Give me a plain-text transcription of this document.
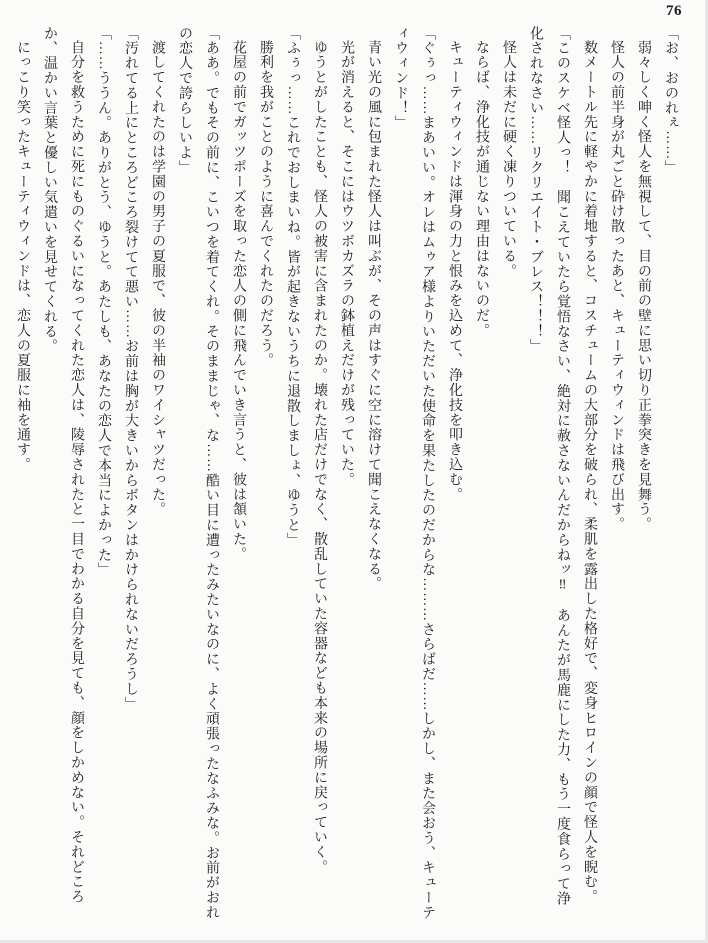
76

「お、おのれぇ……」

弱々しく呻く怪人を無視して、目の前の壁に思い切り正拳突きを見舞う。

怪人の前半身が丸ごと砕け散ったあと、キューティウィンドは飛び出す。

数メートル先に軽やかに着地すると、コスチュームの大部分を破られ、柔肌を露出した格好で、変身ヒロインの顔で怪人を睨む。

「このスケベ怪人っ！　聞こえていたら覚悟なさい、絶対に赦さないんだからねッ‼　あんたが馬鹿にした力、もう一度食らって浄化されなさい……リクリエイト・ブレス！！！」

怪人は未だに硬く凍りついている。

ならば、浄化技が通じない理由はないのだ。

キューティウィンドは渾身の力と恨みを込めて、浄化技を叩き込む。

「ぐぅっ……まあいい。オレはムゥア様よりいただいた使命を果たしたのだからな………さらばだ……しかし、また会おう、キューティウィンド！」

青い光の風に包まれた怪人は叫ぶが、その声はすぐに空に溶けて聞こえなくなる。

光が消えると、そこにはウツボカズラの鉢植えだけが残っていた。

ゆうとがしたことも、怪人の被害に含まれたのか。壊れた店だけでなく、散乱していた容器なども本来の場所に戻っていく。

「ふぅっ……これでおしまいね。皆が起きないうちに退散しましょ、ゆうと」

勝利を我がことのように喜んでくれたのだろう。

花屋の前でガッツポーズを取った恋人の側に飛んでいき言うと、彼は頷いた。

「ああ。でもその前に、こいつを着てくれ。そのままじゃ、な……酷い目に遭ったみたいなのに、よく頑張ったなふみな。お前がおれの恋人で誇らしいよ」

渡してくれたのは学園の男子の夏服で、彼の半袖のワイシャツだった。

「汚れてる上にところどころ裂けてて悪い……お前は胸が大きいからボタンはかけられないだろうし」

「……ううん。ありがとう、ゆうと。あたしも、あなたの恋人で本当によかった」

自分を救うために死にものぐるいになってくれた恋人は、陵辱されたと一目でわかる自分を見ても、顔をしかめない。それどころか、温かい言葉と優しい気遣いを見せてくれる。

にっこり笑ったキューティウィンドは、恋人の夏服に袖を通す。
